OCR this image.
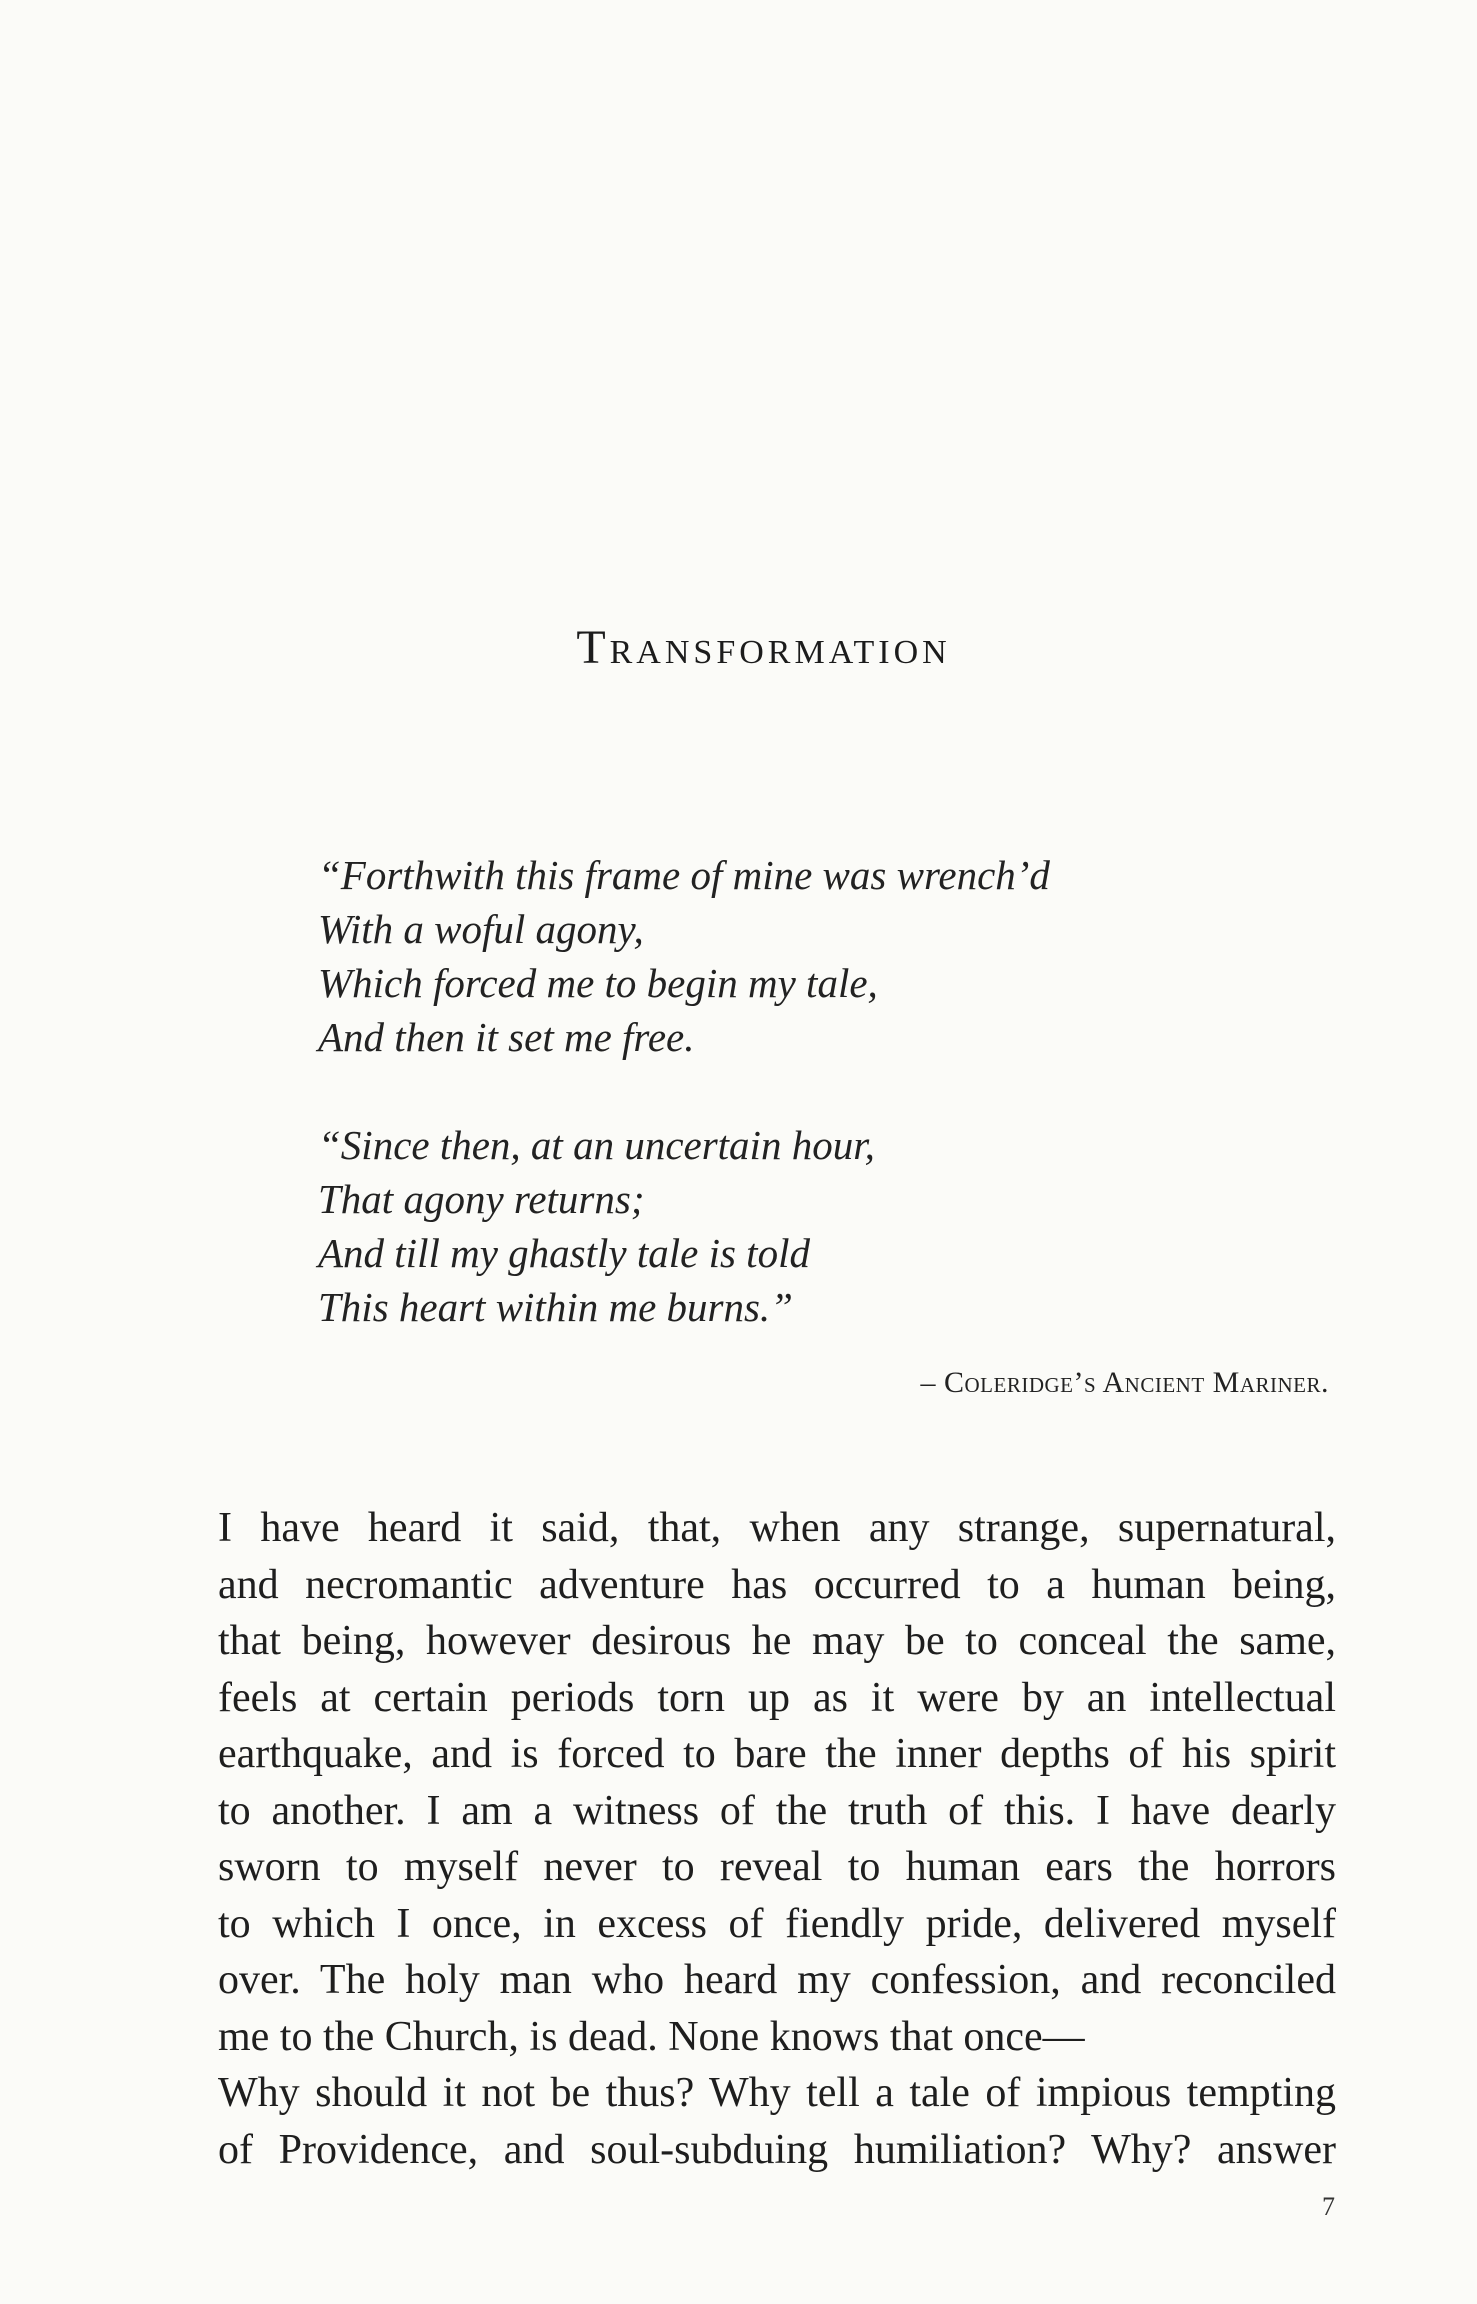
Transformation

“Forthwith this frame of mine was wrench’d
With a woful agony,
Which forced me to begin my tale,
And then it set me free.

“Since then, at an uncertain hour,
That agony returns;
And till my ghastly tale is told
This heart within me burns.”

– Coleridge’s Ancient Mariner.
I have heard it said, that, when any strange, supernatural,
and necromantic adventure has occurred to a human being,
that being, however desirous he may be to conceal the same,
feels at certain periods torn up as it were by an intellectual
earthquake, and is forced to bare the inner depths of his spirit
to another. I am a witness of the truth of this. I have dearly
sworn to myself never to reveal to human ears the horrors
to which I once, in excess of fiendly pride, delivered myself
over. The holy man who heard my confession, and reconciled
me to the Church, is dead. None knows that once—
Why should it not be thus? Why tell a tale of impious tempting
of Providence, and soul-subduing humiliation? Why? answer
7
